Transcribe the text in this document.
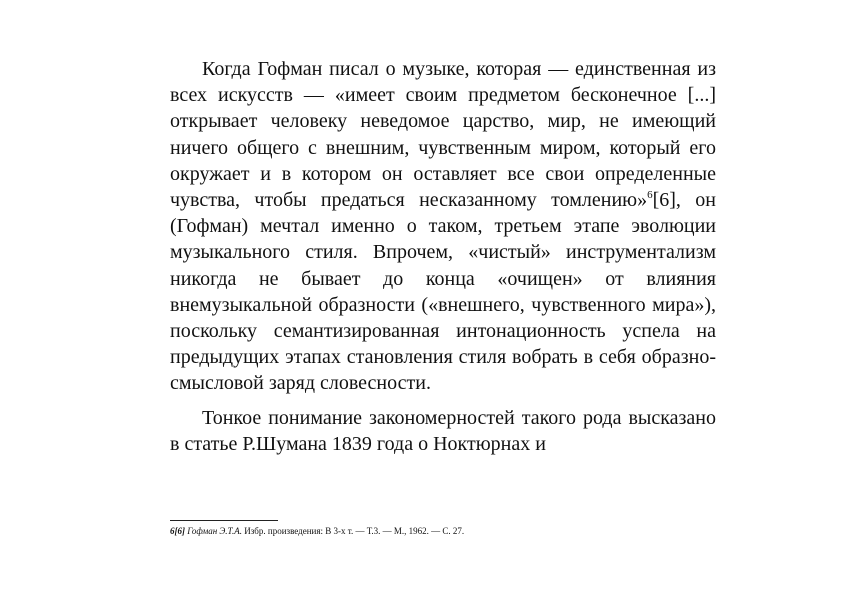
Когда Гофман писал о музыке, которая — единственная из всех искусств — «имеет своим предметом бесконечное [...] открывает человеку неведомое царство, мир, не имеющий ничего общего с внешним, чувственным миром, который его окружает и в котором он оставляет все свои определенные чувства, чтобы предаться несказанному томлению»$^6$[6], он (Гофман) мечтал именно о таком, третьем этапе эволюции музыкального стиля. Впрочем, «чистый» инструментализм никогда не бывает до конца «очищен» от влияния внемузыкальной образности («внешнего, чувственного мира»), поскольку семантизированная интонационность успела на предыдущих этапах становления стиля вобрать в себя образно-смысловой заряд словесности.

Тонкое понимание закономерностей такого рода высказано в статье Р.Шумана 1839 года о Ноктюрнах и

6[6] Гофман Э.Т.А. Избр. произведения: В 3-х т. — Т.3. — М., 1962. — С. 27.
